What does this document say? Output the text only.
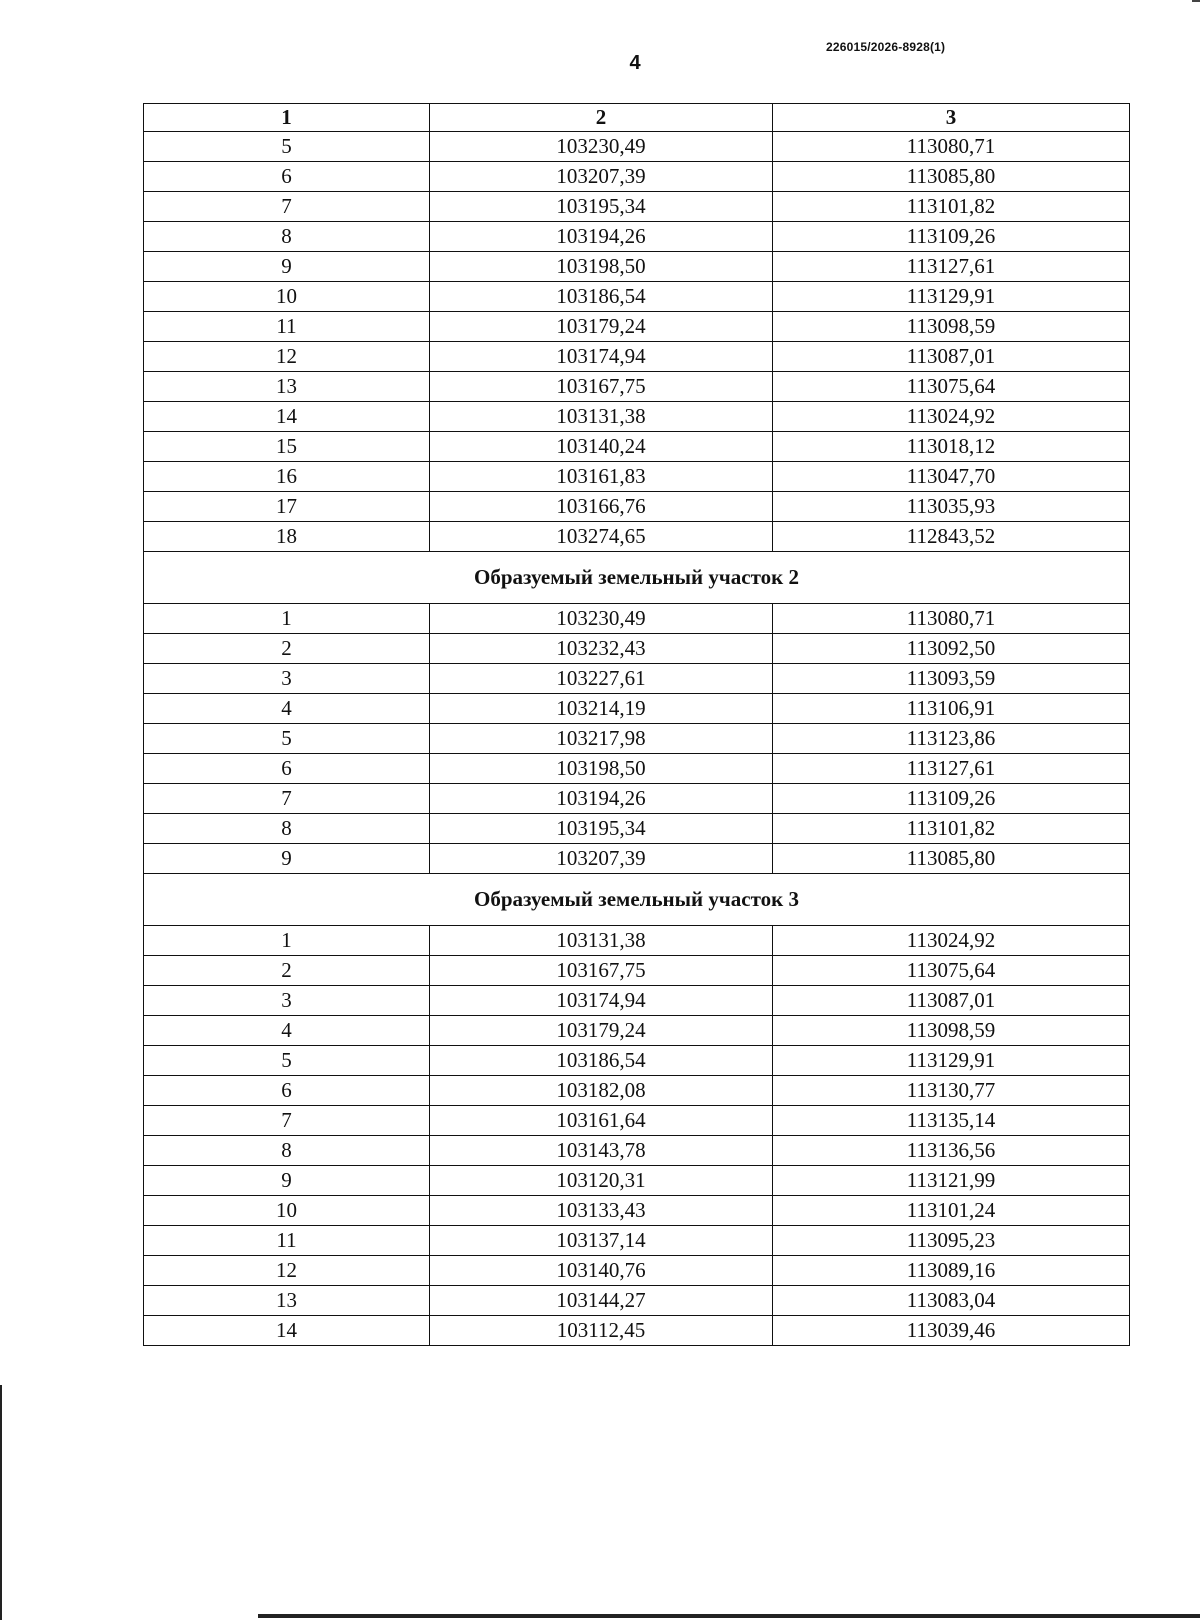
4
226015/2026-8928(1)
1	2	3
5	103230,49	113080,71
6	103207,39	113085,80
7	103195,34	113101,82
8	103194,26	113109,26
9	103198,50	113127,61
10	103186,54	113129,91
11	103179,24	113098,59
12	103174,94	113087,01
13	103167,75	113075,64
14	103131,38	113024,92
15	103140,24	113018,12
16	103161,83	113047,70
17	103166,76	113035,93
18	103274,65	112843,52
Образуемый земельный участок 2		
1	103230,49	113080,71
2	103232,43	113092,50
3	103227,61	113093,59
4	103214,19	113106,91
5	103217,98	113123,86
6	103198,50	113127,61
7	103194,26	113109,26
8	103195,34	113101,82
9	103207,39	113085,80
Образуемый земельный участок 3		
1	103131,38	113024,92
2	103167,75	113075,64
3	103174,94	113087,01
4	103179,24	113098,59
5	103186,54	113129,91
6	103182,08	113130,77
7	103161,64	113135,14
8	103143,78	113136,56
9	103120,31	113121,99
10	103133,43	113101,24
11	103137,14	113095,23
12	103140,76	113089,16
13	103144,27	113083,04
14	103112,45	113039,46
